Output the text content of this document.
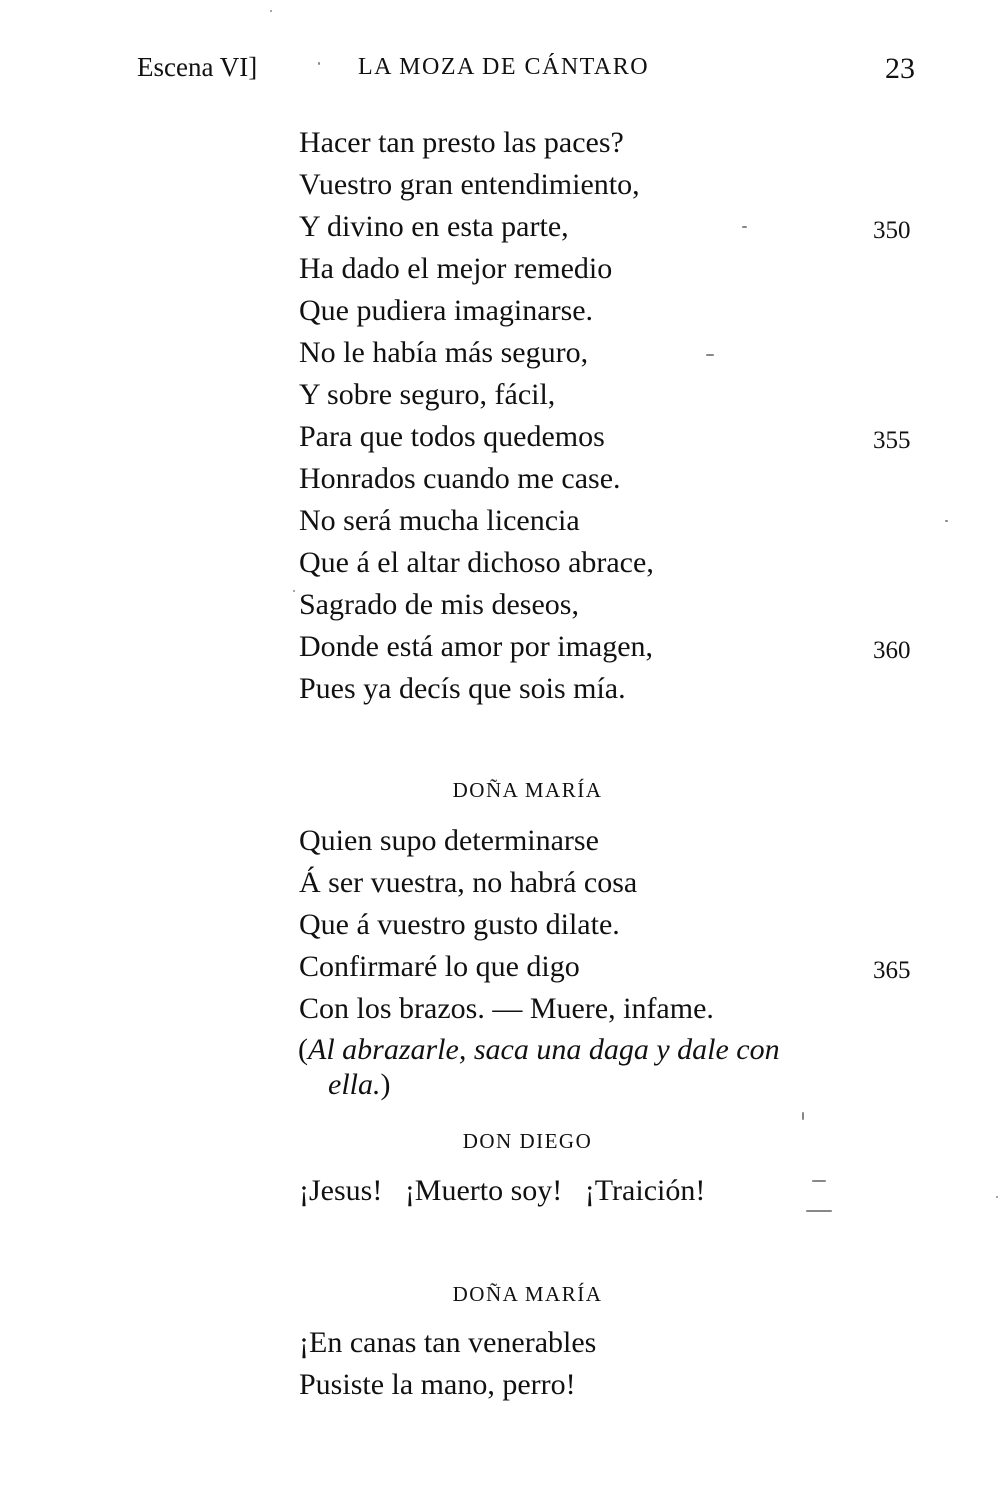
Escena VI]	LA MOZA DE CÁNTARO	23
Hacer tan presto las paces?
Vuestro gran entendimiento,
Y divino en esta parte,
Ha dado el mejor remedio
Que pudiera imaginarse.
No le había más seguro,
Y sobre seguro, fácil,
Para que todos quedemos
Honrados cuando me case.
No será mucha licencia
Que á el altar dichoso abrace,
Sagrado de mis deseos,
Donde está amor por imagen,
Pues ya decís que sois mía.
350
355
360
DOÑA MARÍA
Quien supo determinarse
Á ser vuestra, no habrá cosa
Que á vuestro gusto dilate.
Confirmaré lo que digo
Con los brazos. — Muere, infame.
365
(Al abrazarle, saca una daga y dale con
ella.)
DON DIEGO
¡Jesus!   ¡Muerto soy!   ¡Traición!
DOÑA MARÍA
¡En canas tan venerables
Pusiste la mano, perro!
